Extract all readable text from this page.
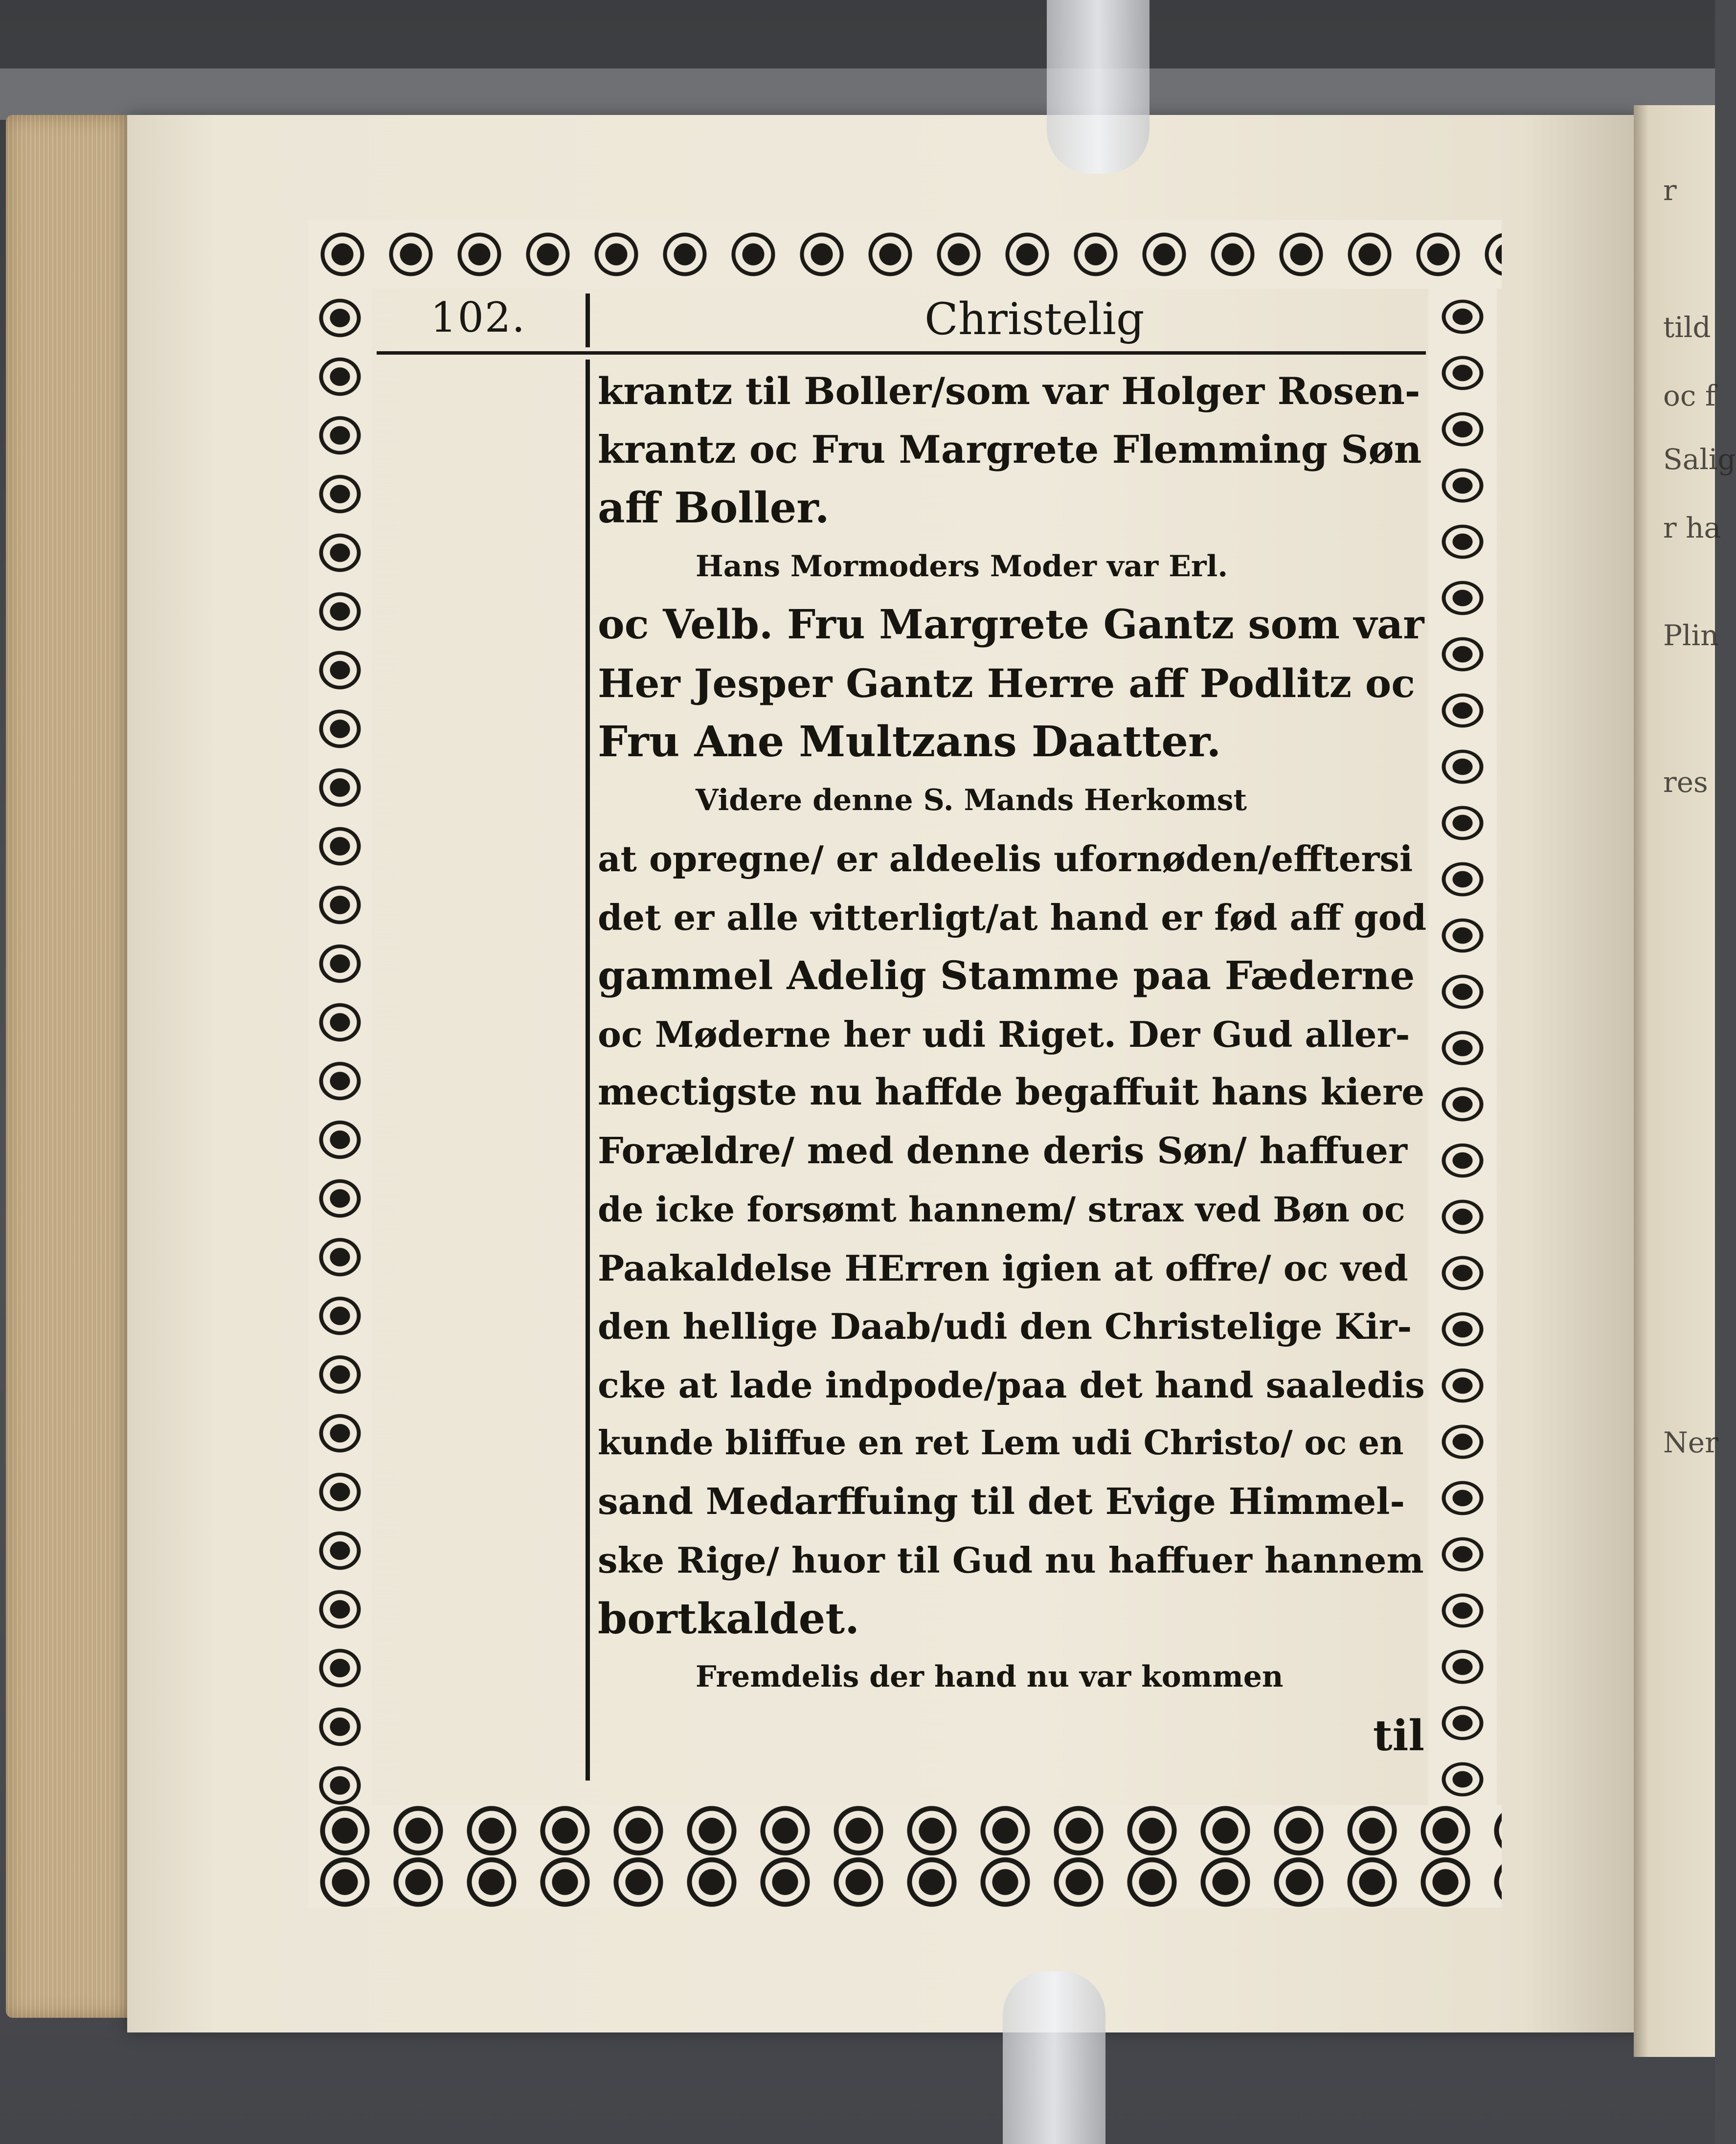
r
tild
oc f
Salig
r ha
Plin
res
Ner
102.	Christelig
krantz til Boller/som var Holger Rosen-
krantz oc Fru Margrete Flemming Søn
aff Boller.
Hans Mormoders Moder var Erl.
oc Velb. Fru Margrete Gantz som var
Her Jesper Gantz Herre aff Podlitz oc
Fru Ane Multzans Daatter.
Videre denne S. Mands Herkomst
at opregne/ er aldeelis ufornøden/efftersi
det er alle vitterligt/at hand er fød aff god
gammel Adelig Stamme paa Fæderne
oc Møderne her udi Riget. Der Gud aller-
mectigste nu haffde begaffuit hans kiere
Forældre/ med denne deris Søn/ haffuer
de icke forsømt hannem/ strax ved Bøn oc
Paakaldelse HErren igien at offre/ oc ved
den hellige Daab/udi den Christelige Kir-
cke at lade indpode/paa det hand saaledis
kunde bliffue en ret Lem udi Christo/ oc en
sand Medarffuing til det Evige Himmel-
ske Rige/ huor til Gud nu haffuer hannem
bortkaldet.
Fremdelis der hand nu var kommen
til
